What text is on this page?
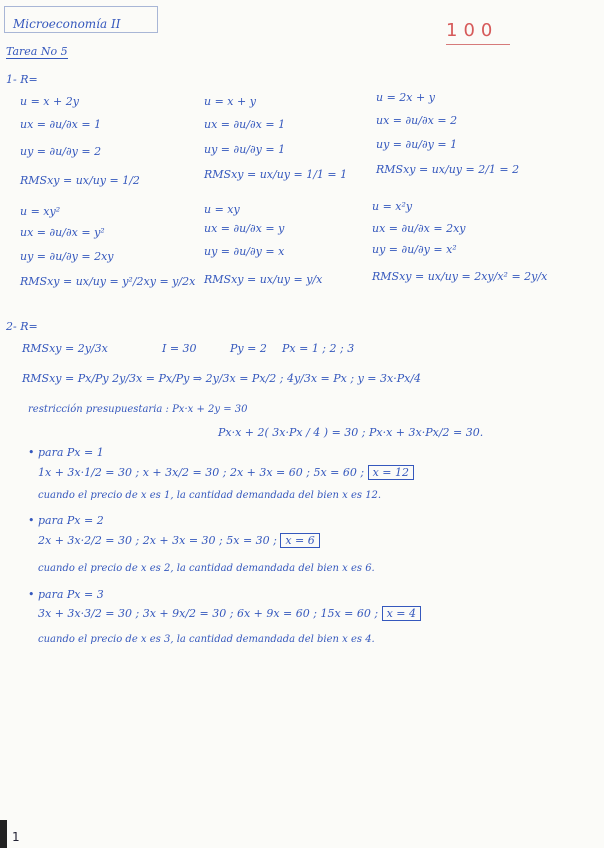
Microeconomía II	100
Tarea No 5
1- R=
u = x + 2y
ux = ∂u/∂x = 1
uy = ∂u/∂y = 2
RMSxy = ux/uy = 1/2
u = x + y
ux = ∂u/∂x = 1
uy = ∂u/∂y = 1
RMSxy = ux/uy = 1/1 = 1
u = 2x + y
ux = ∂u/∂x = 2
uy = ∂u/∂y = 1
RMSxy = ux/uy = 2/1 = 2
u = xy²
ux = ∂u/∂x = y²
uy = ∂u/∂y = 2xy
RMSxy = ux/uy = y²/2xy = y/2x
u = xy
ux = ∂u/∂x = y
uy = ∂u/∂y = x
RMSxy = ux/uy = y/x
u = x²y
ux = ∂u/∂x = 2xy
uy = ∂u/∂y = x²
RMSxy = ux/uy = 2xy/x² = 2y/x
2- R=
RMSxy = 2y/3x	I = 30	Py = 2 Px = 1 ; 2 ; 3
RMSxy = Px/Py 2y/3x = Px/Py ⇒ 2y/3x = Px/2 ; 4y/3x = Px ; y = 3x·Px/4
restricción presupuestaria : Px·x + 2y = 30
Px·x + 2( 3x·Px / 4 ) = 30 ; Px·x + 3x·Px/2 = 30.
• para Px = 1
1x + 3x·1/2 = 30 ; x + 3x/2 = 30 ; 2x + 3x = 60 ; 5x = 60 ; x = 12
cuando el precio de x es 1, la cantidad demandada del bien x es 12.
• para Px = 2
2x + 3x·2/2 = 30 ; 2x + 3x = 30 ; 5x = 30 ; x = 6
cuando el precio de x es 2, la cantidad demandada del bien x es 6.
• para Px = 3
3x + 3x·3/2 = 30 ; 3x + 9x/2 = 30 ; 6x + 9x = 60 ; 15x = 60 ; x = 4
cuando el precio de x es 3, la cantidad demandada del bien x es 4.
1
